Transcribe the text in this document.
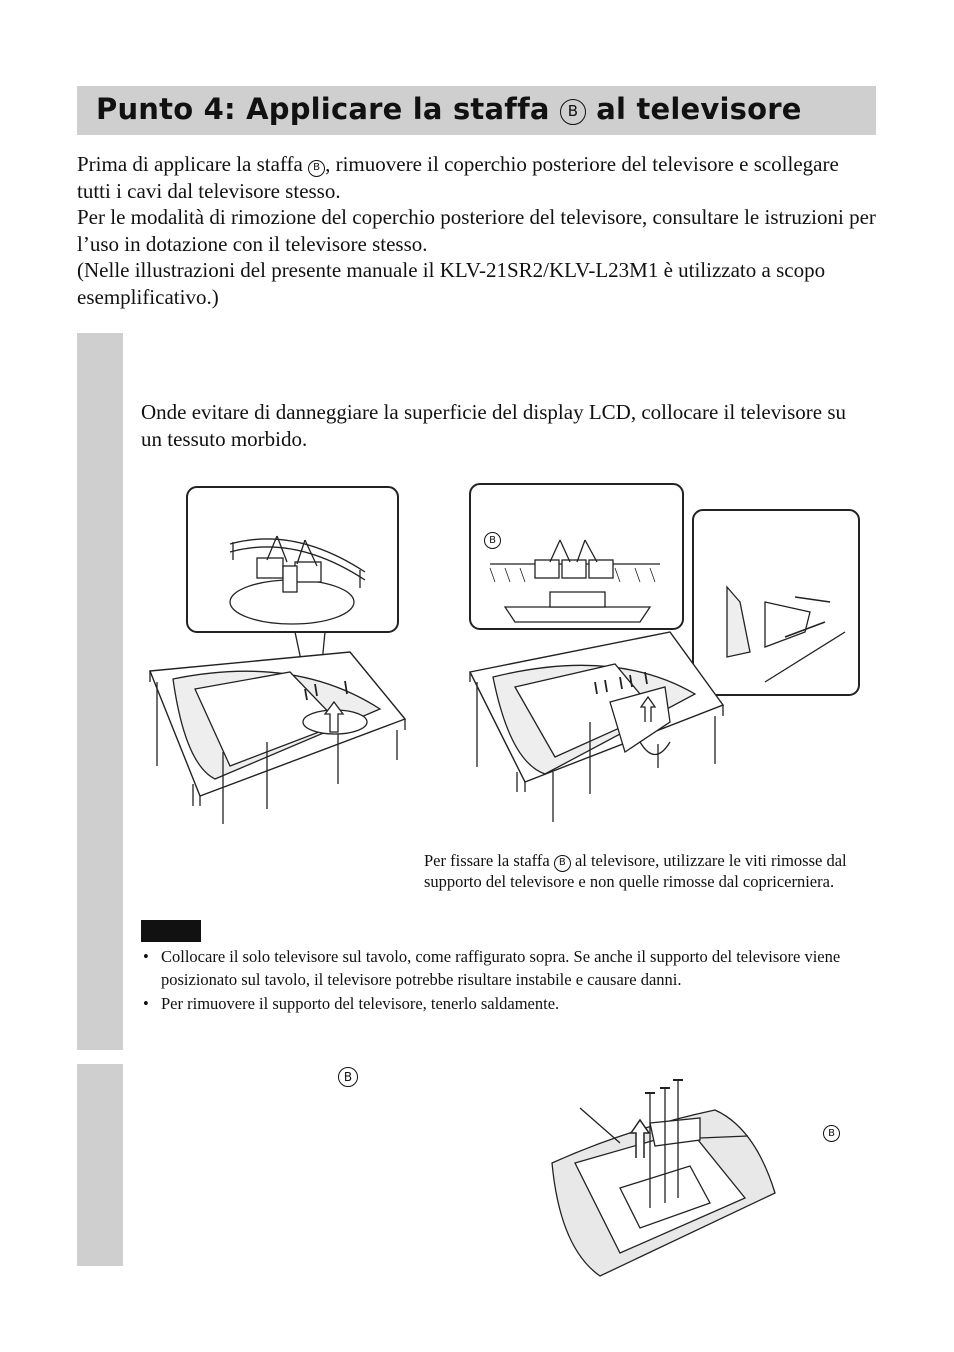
Punto 4: Applicare la staffa B al televisore

Prima di applicare la staffa B , rimuovere il coperchio posteriore del televisore e scollegare tutti i cavi dal televisore stesso.

Per le modalità di rimozione del coperchio posteriore del televisore, consultare le istruzioni per l’uso in dotazione con il televisore stesso.

(Nelle illustrazioni del presente manuale il KLV-21SR2/KLV-L23M1 è utilizzato a scopo esemplificativo.)

Onde evitare di danneggiare la superficie del display LCD, collocare il televisore su un tessuto morbido.
B
Per fissare la staffa B al televisore, utilizzare le viti rimosse dal supporto del televisore e non quelle rimosse dal copricerniera.
• Collocare il solo televisore sul tavolo, come raffigurato sopra. Se anche il supporto del televisore viene posizionato sul tavolo, il televisore potrebbe risultare instabile e causare danni.
• Per rimuovere il supporto del televisore, tenerlo saldamente.
B
B
